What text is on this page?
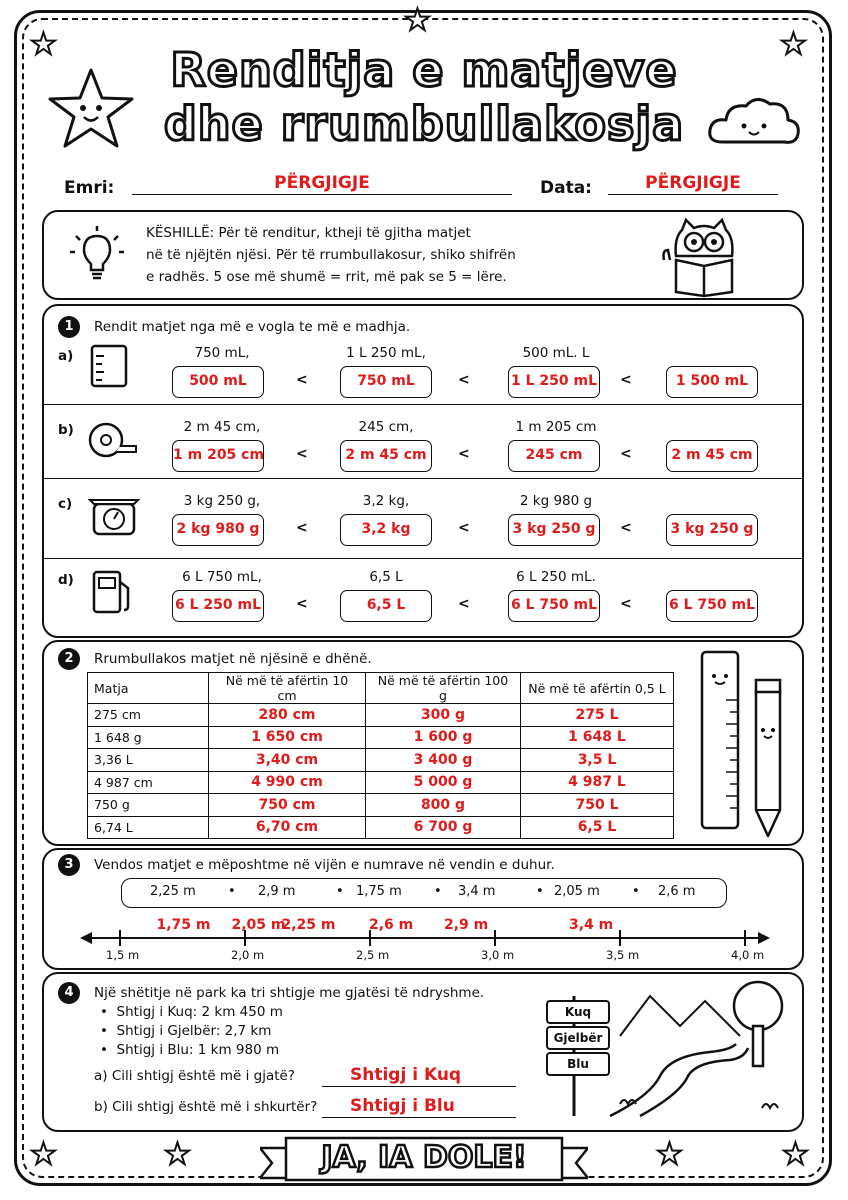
★
★
★
★	★	★	★
Renditja e matjeve
dhe rrumbullakosja
Emri:	PËRGJIGJE	Data:	PËRGJIGJE
KËSHILLË: Për të renditur, ktheji të gjitha matjet
në të njëjtën njësi. Për të rrumbullakosur, shiko shifrën
e radhës. 5 ose më shumë = rrit, më pak se 5 = lëre.
1	Rendit matjet nga më e vogla te më e madhja.
a)	750 mL,	1 L 250 mL,	500 mL. L
500 mL	750 mL	1 L 250 mL	1 500 mL
<	<	<
b)	2 m 45 cm,	245 cm,	1 m 205 cm
1 m 205 cm	2 m 45 cm	245 cm	2 m 45 cm
<	<	<
c)	3 kg 250 g,	3,2 kg,	2 kg 980 g
2 kg 980 g	3,2 kg	3 kg 250 g	3 kg 250 g
<	<	<
d)	6 L 750 mL,	6,5 L	6 L 250 mL.
6 L 250 mL	6,5 L	6 L 750 mL	6 L 750 mL
<	<	<
2	Rrumbullakos matjet në njësinë e dhënë.
Matja	Në më të afërtin 10 cm	Në më të afërtin 100 g	Në më të afërtin 0,5 L
275 cm	280 cm	300 g	275 L
1 648 g	1 650 cm	1 600 g	1 648 L
3,36 L	3,40 cm	3 400 g	3,5 L
4 987 cm	4 990 cm	5 000 g	4 987 L
750 g	750 cm	800 g	750 L
6,74 L	6,70 cm	6 700 g	6,5 L
3	Vendos matjet e mëposhtme në vijën e numrave në vendin e duhur.
2,25 m • 2,9 m	• 1,75 m • 3,4 m	• 2,05 m • 2,6 m
1,5 m	2,0 m	2,5 m	3,0 m	3,5 m	4,0 m
1,75 m 2,05 m
2,25 m 2,6 m 2,9 m	3,4 m
4	Një shëtitje në park ka tri shtigje me gjatësi të ndryshme.
•  Shtigj i Kuq: 2 km 450 m
•  Shtigj i Gjelbër: 2,7 km
•  Shtigj i Blu: 1 km 980 m
a) Cili shtigj është më i gjatë?	Shtigj i Kuq
b) Cili shtigj është më i shkurtër?	Shtigj i Blu
Kuq
Gjelbër
Blu
JA, IA DOLE!
